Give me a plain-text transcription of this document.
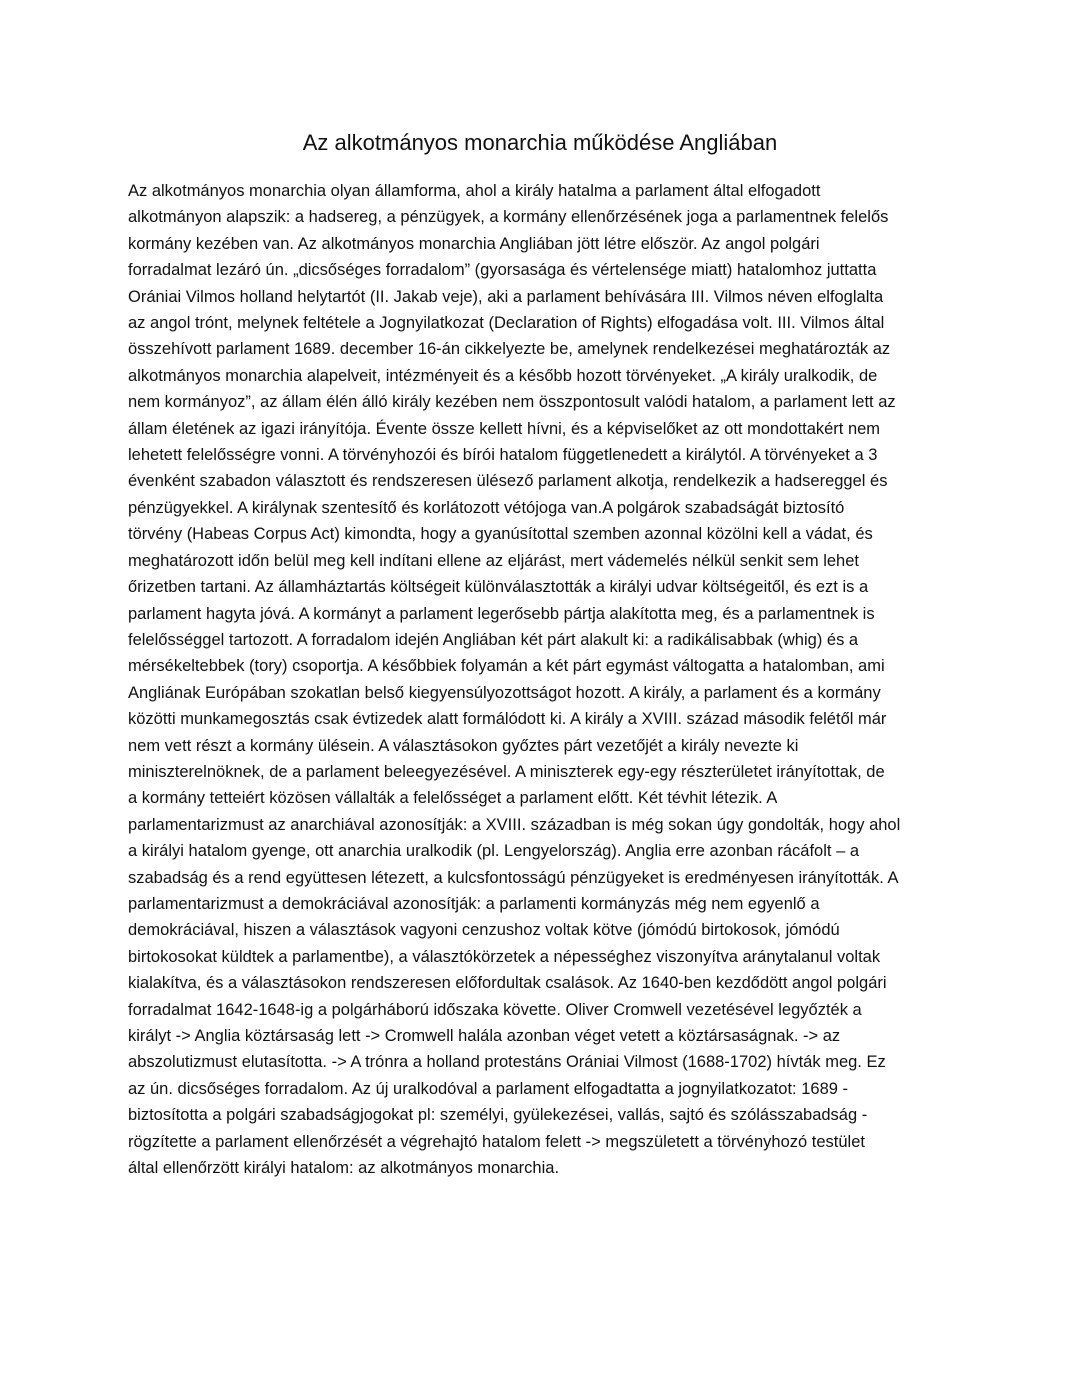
Az alkotmányos monarchia működése Angliában
Az alkotmányos monarchia olyan államforma, ahol a király hatalma a parlament által elfogadott
alkotmányon alapszik: a hadsereg, a pénzügyek, a kormány ellenőrzésének joga a parlamentnek felelős
kormány kezében van. Az alkotmányos monarchia Angliában jött létre először. Az angol polgári
forradalmat lezáró ún. „dicsőséges forradalom” (gyorsasága és vértelensége miatt) hatalomhoz juttatta
Orániai Vilmos holland helytartót (II. Jakab veje), aki a parlament behívására III. Vilmos néven elfoglalta
az angol trónt, melynek feltétele a Jognyilatkozat (Declaration of Rights) elfogadása volt. III. Vilmos által
összehívott parlament 1689. december 16-án cikkelyezte be, amelynek rendelkezései meghatározták az
alkotmányos monarchia alapelveit, intézményeit és a később hozott törvényeket. „A király uralkodik, de
nem kormányoz”, az állam élén álló király kezében nem összpontosult valódi hatalom, a parlament lett az
állam életének az igazi irányítója. Évente össze kellett hívni, és a képviselőket az ott mondottakért nem
lehetett felelősségre vonni. A törvényhozói és bírói hatalom függetlenedett a királytól. A törvényeket a 3
évenként szabadon választott és rendszeresen ülésező parlament alkotja, rendelkezik a hadsereggel és
pénzügyekkel. A királynak szentesítő és korlátozott vétójoga van.A polgárok szabadságát biztosító
törvény (Habeas Corpus Act) kimondta, hogy a gyanúsítottal szemben azonnal közölni kell a vádat, és
meghatározott időn belül meg kell indítani ellene az eljárást, mert vádemelés nélkül senkit sem lehet
őrizetben tartani. Az államháztartás költségeit különválasztották a királyi udvar költségeitől, és ezt is a
parlament hagyta jóvá. A kormányt a parlament legerősebb pártja alakította meg, és a parlamentnek is
felelősséggel tartozott. A forradalom idején Angliában két párt alakult ki: a radikálisabbak (whig) és a
mérsékeltebbek (tory) csoportja. A későbbiek folyamán a két párt egymást váltogatta a hatalomban, ami
Angliának Európában szokatlan belső kiegyensúlyozottságot hozott. A király, a parlament és a kormány
közötti munkamegosztás csak évtizedek alatt formálódott ki. A király a XVIII. század második felétől már
nem vett részt a kormány ülésein. A választásokon győztes párt vezetőjét a király nevezte ki
miniszterelnöknek, de a parlament beleegyezésével. A miniszterek egy-egy részterületet irányítottak, de
a kormány tetteiért közösen vállalták a felelősséget a parlament előtt. Két tévhit létezik. A
parlamentarizmust az anarchiával azonosítják: a XVIII. században is még sokan úgy gondolták, hogy ahol
a királyi hatalom gyenge, ott anarchia uralkodik (pl. Lengyelország). Anglia erre azonban rácáfolt – a
szabadság és a rend együttesen létezett, a kulcsfontosságú pénzügyeket is eredményesen irányították. A
parlamentarizmust a demokráciával azonosítják: a parlamenti kormányzás még nem egyenlő a
demokráciával, hiszen a választások vagyoni cenzushoz voltak kötve (jómódú birtokosok, jómódú
birtokosokat küldtek a parlamentbe), a választókörzetek a népességhez viszonyítva aránytalanul voltak
kialakítva, és a választásokon rendszeresen előfordultak csalások. Az 1640-ben kezdődött angol polgári
forradalmat 1642-1648-ig a polgárháború időszaka követte. Oliver Cromwell vezetésével legyőzték a
királyt -> Anglia köztársaság lett -> Cromwell halála azonban véget vetett a köztársaságnak. -> az
abszolutizmust elutasította. -> A trónra a holland protestáns Orániai Vilmost (1688-1702) hívták meg. Ez
az ún. dicsőséges forradalom. Az új uralkodóval a parlament elfogadtatta a jognyilatkozatot: 1689 -
biztosította a polgári szabadságjogokat pl: személyi, gyülekezései, vallás, sajtó és szólásszabadság -
rögzítette a parlament ellenőrzését a végrehajtó hatalom felett -> megszületett a törvényhozó testület
által ellenőrzött királyi hatalom: az alkotmányos monarchia.
